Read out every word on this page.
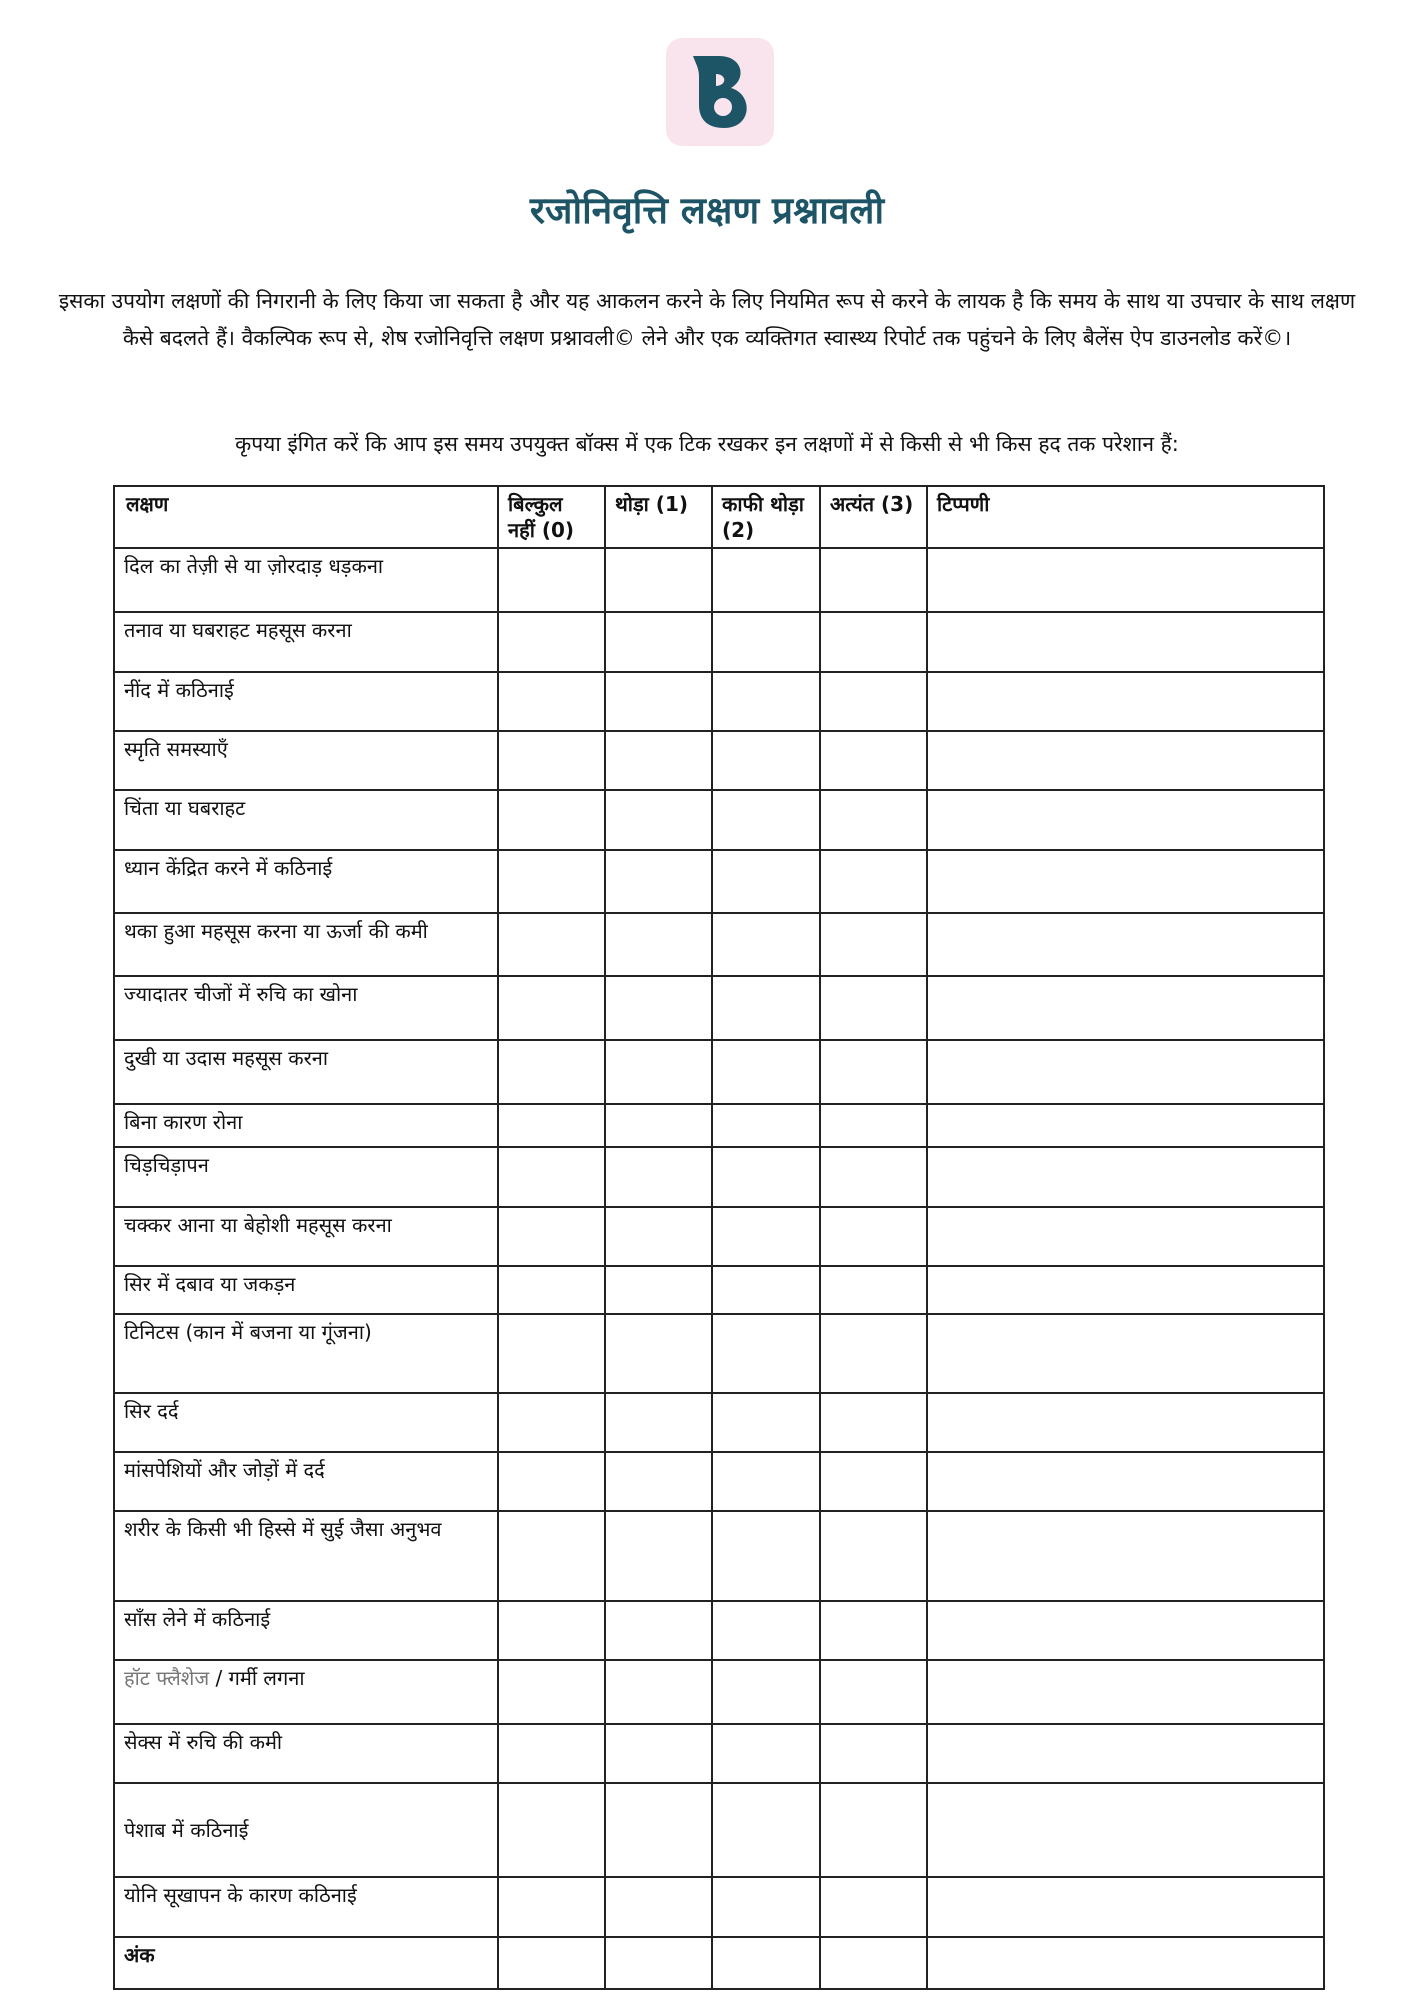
रजोनिवृत्ति लक्षण प्रश्नावली

इसका उपयोग लक्षणों की निगरानी के लिए किया जा सकता है और यह आकलन करने के लिए नियमित रूप से करने के लायक है कि समय के साथ या उपचार के साथ लक्षण कैसे बदलते हैं। वैकल्पिक रूप से, शेष रजोनिवृत्ति लक्षण प्रश्नावली© लेने और एक व्यक्तिगत स्वास्थ्य रिपोर्ट तक पहुंचने के लिए बैलेंस ऐप डाउनलोड करें©।

कृपया इंगित करें कि आप इस समय उपयुक्त बॉक्स में एक टिक रखकर इन लक्षणों में से किसी से भी किस हद तक परेशान हैं:

लक्षण	बिल्कुल नहीं (0)	थोड़ा (1)	काफी थोड़ा (2)	अत्यंत (3)	टिप्पणी
दिल का तेज़ी से या ज़ोरदाड़ धड़कना					
तनाव या घबराहट महसूस करना					
नींद में कठिनाई					
स्मृति समस्याएँ					
चिंता या घबराहट					
ध्यान केंद्रित करने में कठिनाई					
थका हुआ महसूस करना या ऊर्जा की कमी					
ज्यादातर चीजों में रुचि का खोना					
दुखी या उदास महसूस करना					
बिना कारण रोना					
चिड़चिड़ापन					
चक्कर आना या बेहोशी महसूस करना					
सिर में दबाव या जकड़न					
टिनिटस (कान में बजना या गूंजना)					
सिर दर्द					
मांसपेशियों और जोड़ों में दर्द					
शरीर के किसी भी हिस्से में सुई जैसा अनुभव					
साँस लेने में कठिनाई					
हॉट फ्लैशेज / गर्मी लगना					
सेक्स में रुचि की कमी					
पेशाब में कठिनाई					
योनि सूखापन के कारण कठिनाई					
अंक					
